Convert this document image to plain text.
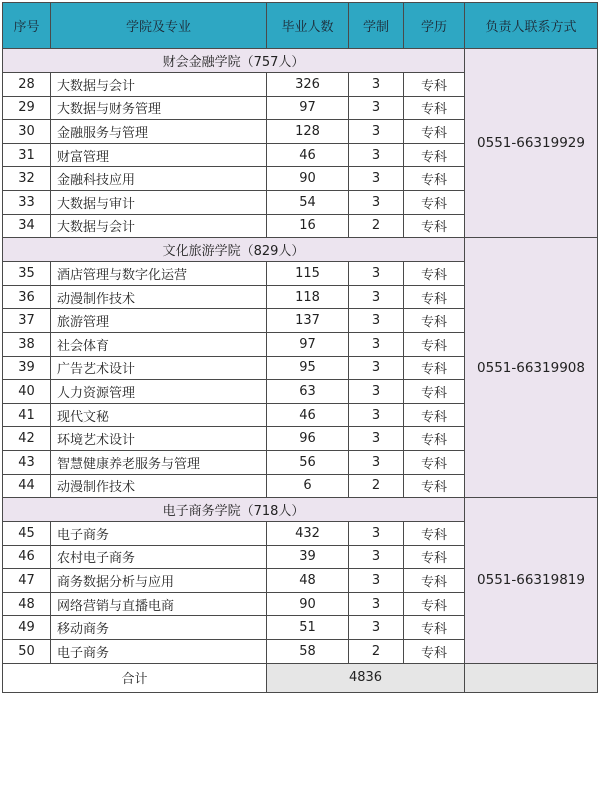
序号	学院及专业	毕业人数	学制	学历	负责人联系方式
财会金融学院（757人）					0551-66319929
28	大数据与会计	326	3	专科	
29	大数据与财务管理	97	3	专科	
30	金融服务与管理	128	3	专科	
31	财富管理	46	3	专科	
32	金融科技应用	90	3	专科	
33	大数据与审计	54	3	专科	
34	大数据与会计	16	2	专科	
文化旅游学院（829人）					0551-66319908
35	酒店管理与数字化运营	115	3	专科	
36	动漫制作技术	118	3	专科	
37	旅游管理	137	3	专科	
38	社会体育	97	3	专科	
39	广告艺术设计	95	3	专科	
40	人力资源管理	63	3	专科	
41	现代文秘	46	3	专科	
42	环境艺术设计	96	3	专科	
43	智慧健康养老服务与管理	56	3	专科	
44	动漫制作技术	6	2	专科	
电子商务学院（718人）					0551-66319819
45	电子商务	432	3	专科	
46	农村电子商务	39	3	专科	
47	商务数据分析与应用	48	3	专科	
48	网络营销与直播电商	90	3	专科	
49	移动商务	51	3	专科	
50	电子商务	58	2	专科	
合计		4836			
